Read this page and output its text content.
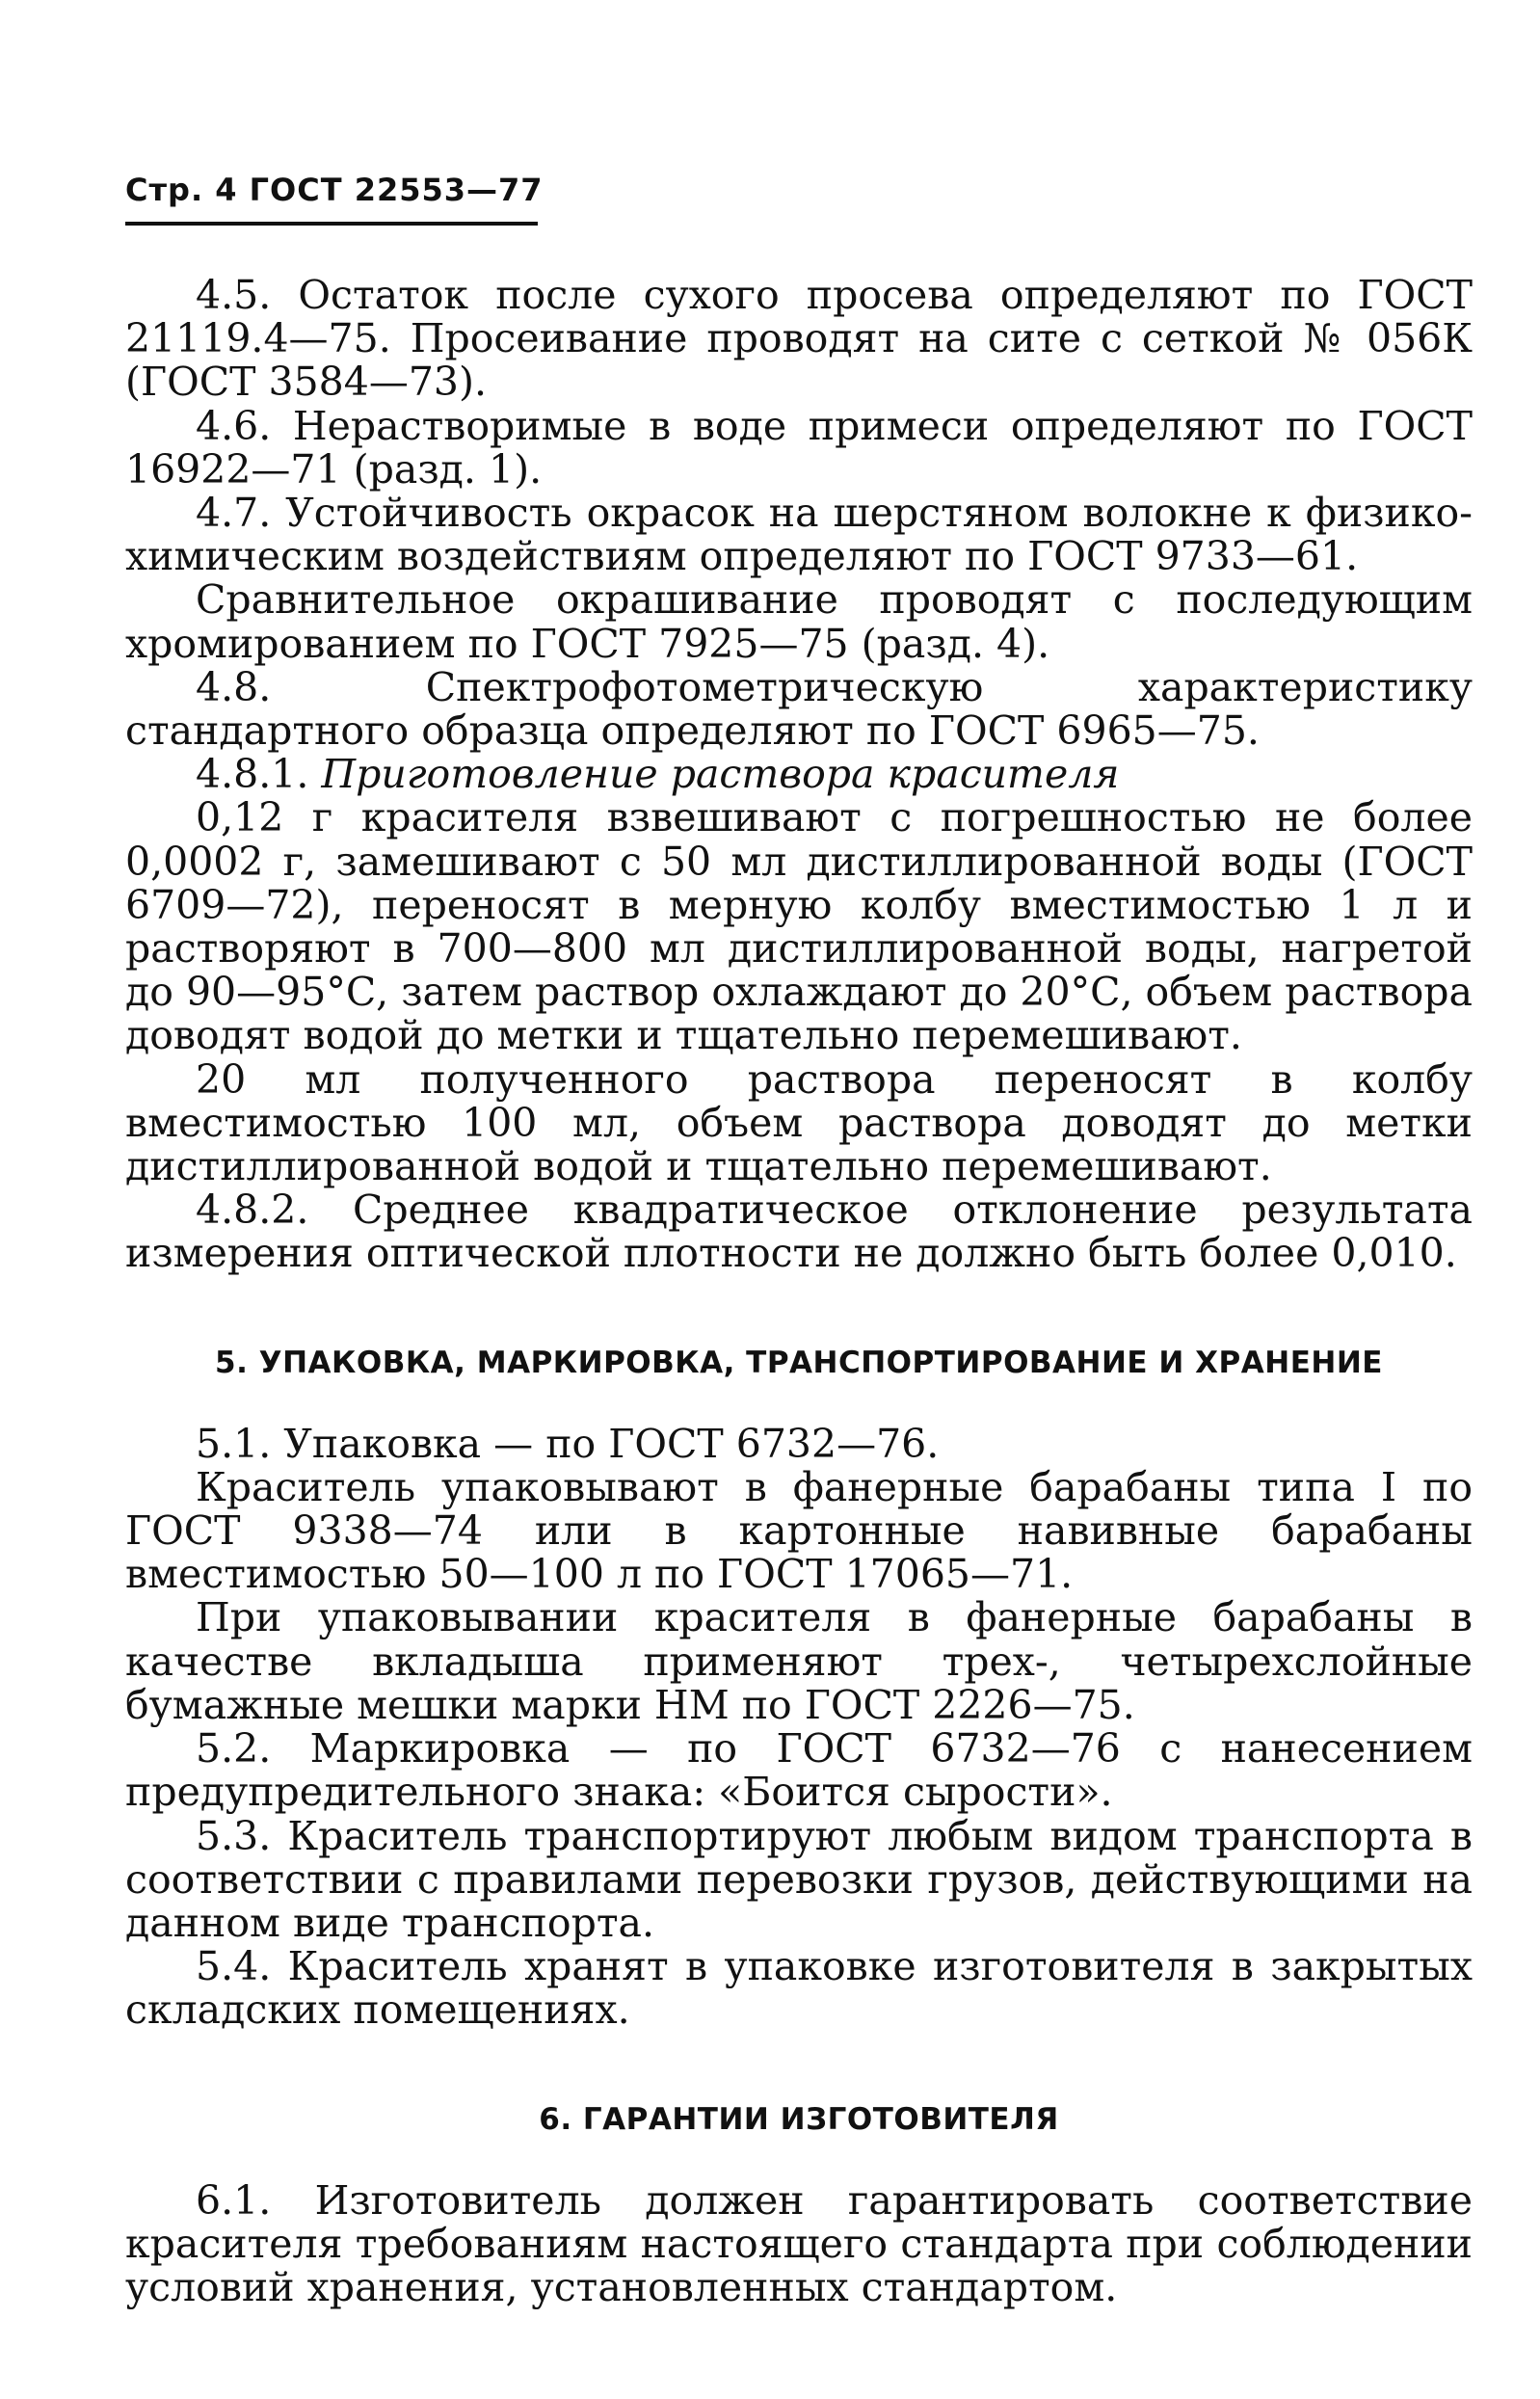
Стр. 4 ГОСТ 22553—77

4.5. Остаток после сухого просева определяют по ГОСТ 21119.4—75. Просеивание проводят на сите с сеткой № 056К (ГОСТ 3584—73).

4.6. Нерастворимые в воде примеси определяют по ГОСТ 16922—71 (разд. 1).

4.7. Устойчивость окрасок на шерстяном волокне к физико-химическим воздействиям определяют по ГОСТ 9733—61.

Сравнительное окрашивание проводят с последующим хромированием по ГОСТ 7925—75 (разд. 4).

4.8. Спектрофотометрическую характеристику стандартного образца определяют по ГОСТ 6965—75.

4.8.1. Приготовление раствора красителя

0,12 г красителя взвешивают с погрешностью не более 0,0002 г, замешивают с 50 мл дистиллированной воды (ГОСТ 6709—72), переносят в мерную колбу вместимостью 1 л и растворяют в 700—800 мл дистиллированной воды, нагретой до 90—95°С, затем раствор охлаждают до 20°С, объем раствора доводят водой до метки и тщательно перемешивают.

20 мл полученного раствора переносят в колбу вместимостью 100 мл, объем раствора доводят до метки дистиллированной водой и тщательно перемешивают.

4.8.2. Среднее квадратическое отклонение результата измерения оптической плотности не должно быть более 0,010.

5. УПАКОВКА, МАРКИРОВКА, ТРАНСПОРТИРОВАНИЕ И ХРАНЕНИЕ

5.1. Упаковка — по ГОСТ 6732—76.

Краситель упаковывают в фанерные барабаны типа I по ГОСТ 9338—74 или в картонные навивные барабаны вместимостью 50—100 л по ГОСТ 17065—71.

При упаковывании красителя в фанерные барабаны в качестве вкладыша применяют трех-, четырехслойные бумажные мешки марки НМ по ГОСТ 2226—75.

5.2. Маркировка — по ГОСТ 6732—76 с нанесением предупредительного знака: «Боится сырости».

5.3. Краситель транспортируют любым видом транспорта в соответствии с правилами перевозки грузов, действующими на данном виде транспорта.

5.4. Краситель хранят в упаковке изготовителя в закрытых складских помещениях.

6. ГАРАНТИИ ИЗГОТОВИТЕЛЯ

6.1. Изготовитель должен гарантировать соответствие красителя требованиям настоящего стандарта при соблюдении условий хранения, установленных стандартом.
